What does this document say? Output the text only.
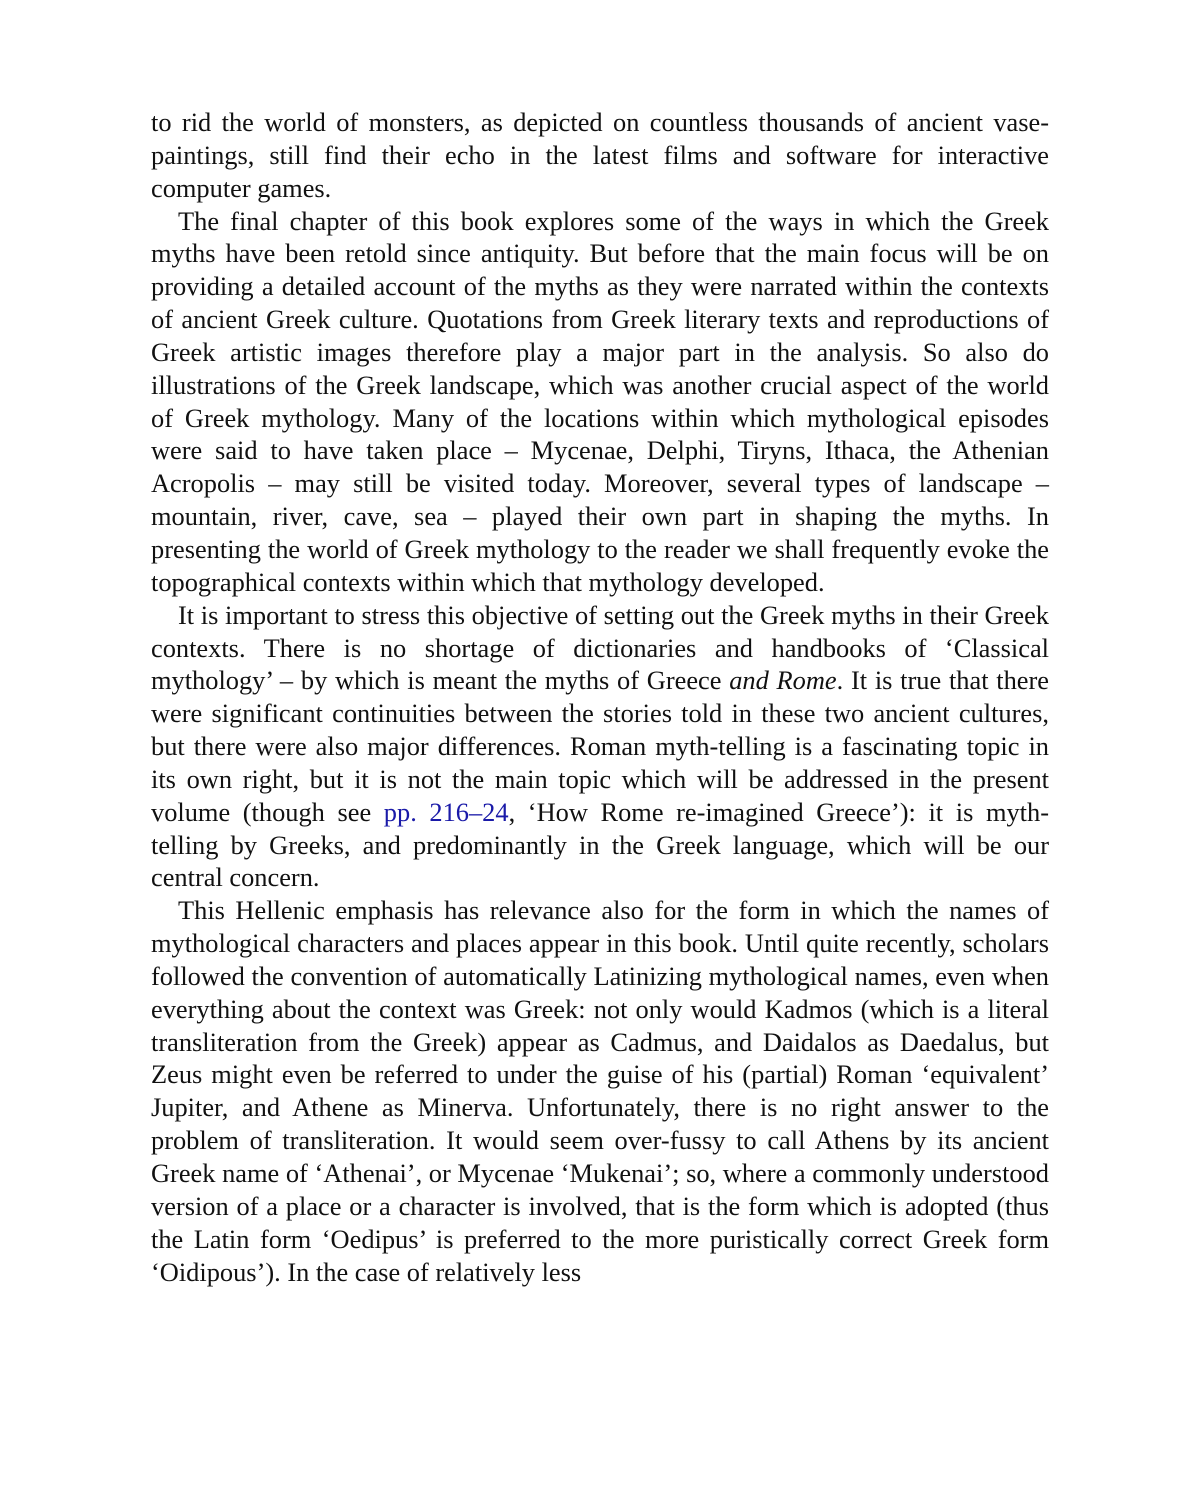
to rid the world of monsters, as depicted on countless thousands of ancient vase-paintings, still find their echo in the latest films and software for interactive computer games.

The final chapter of this book explores some of the ways in which the Greek myths have been retold since antiquity. But before that the main focus will be on providing a detailed account of the myths as they were narrated within the contexts of ancient Greek culture. Quotations from Greek literary texts and reproductions of Greek artistic images therefore play a major part in the analysis. So also do illustrations of the Greek landscape, which was another crucial aspect of the world of Greek mythology. Many of the locations within which mythological episodes were said to have taken place – Mycenae, Delphi, Tiryns, Ithaca, the Athenian Acropolis – may still be visited today. Moreover, several types of landscape – mountain, river, cave, sea – played their own part in shaping the myths. In presenting the world of Greek mythology to the reader we shall frequently evoke the topographical contexts within which that mythology developed.

It is important to stress this objective of setting out the Greek myths in their Greek contexts. There is no shortage of dictionaries and handbooks of ‘Classical mythology’ – by which is meant the myths of Greece and Rome. It is true that there were significant continuities between the stories told in these two ancient cultures, but there were also major differences. Roman myth-telling is a fascinating topic in its own right, but it is not the main topic which will be addressed in the present volume (though see pp. 216–24, ‘How Rome re-imagined Greece’): it is myth-telling by Greeks, and predominantly in the Greek language, which will be our central concern.

This Hellenic emphasis has relevance also for the form in which the names of mythological characters and places appear in this book. Until quite recently, scholars followed the convention of automatically Latinizing mythological names, even when everything about the context was Greek: not only would Kadmos (which is a literal transliteration from the Greek) appear as Cadmus, and Daidalos as Daedalus, but Zeus might even be referred to under the guise of his (partial) Roman ‘equivalent’ Jupiter, and Athene as Minerva. Unfortunately, there is no right answer to the problem of transliteration. It would seem over-fussy to call Athens by its ancient Greek name of ‘Athenai’, or Mycenae ‘Mukenai’; so, where a commonly understood version of a place or a character is involved, that is the form which is adopted (thus the Latin form ‘Oedipus’ is preferred to the more puristically correct Greek form ‘Oidipous’). In the case of relatively less
